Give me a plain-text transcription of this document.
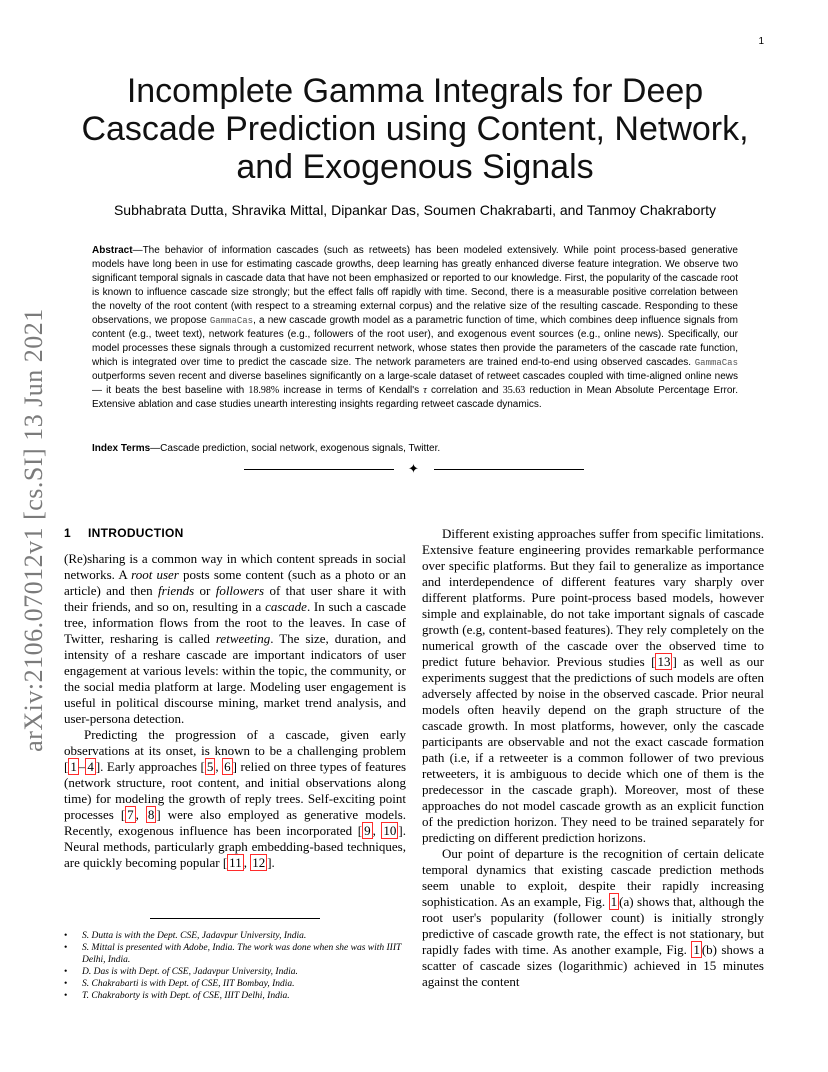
1
arXiv:2106.07012v1 [cs.SI] 13 Jun 2021
Incomplete Gamma Integrals for Deep Cascade Prediction using Content, Network, and Exogenous Signals
Subhabrata Dutta, Shravika Mittal, Dipankar Das, Soumen Chakrabarti, and Tanmoy Chakraborty
Abstract—The behavior of information cascades (such as retweets) has been modeled extensively. While point process-based generative models have long been in use for estimating cascade growths, deep learning has greatly enhanced diverse feature integration. We observe two significant temporal signals in cascade data that have not been emphasized or reported to our knowledge. First, the popularity of the cascade root is known to influence cascade size strongly; but the effect falls off rapidly with time. Second, there is a measurable positive correlation between the novelty of the root content (with respect to a streaming external corpus) and the relative size of the resulting cascade. Responding to these observations, we propose GammaCas, a new cascade growth model as a parametric function of time, which combines deep influence signals from content (e.g., tweet text), network features (e.g., followers of the root user), and exogenous event sources (e.g., online news). Specifically, our model processes these signals through a customized recurrent network, whose states then provide the parameters of the cascade rate function, which is integrated over time to predict the cascade size. The network parameters are trained end-to-end using observed cascades. GammaCas outperforms seven recent and diverse baselines significantly on a large-scale dataset of retweet cascades coupled with time-aligned online news — it beats the best baseline with 18.98% increase in terms of Kendall's τ correlation and 35.63 reduction in Mean Absolute Percentage Error. Extensive ablation and case studies unearth interesting insights regarding retweet cascade dynamics.
Index Terms—Cascade prediction, social network, exogenous signals, Twitter.
✦
1 INTRODUCTION

(Re)sharing is a common way in which content spreads in social networks. A root user posts some content (such as a photo or an article) and then friends or followers of that user share it with their friends, and so on, resulting in a cascade. In such a cascade tree, information flows from the root to the leaves. In case of Twitter, resharing is called retweeting. The size, duration, and intensity of a reshare cascade are important indicators of user engagement at various levels: within the topic, the community, or the social media platform at large. Modeling user engagement is useful in political discourse mining, market trend analysis, and user-persona detection.

Predicting the progression of a cascade, given early observations at its onset, is known to be a challenging problem [ 1 – 4 ]. Early approaches [ 5 , 6 ] relied on three types of features (network structure, root content, and initial observations along time) for modeling the growth of reply trees. Self-exciting point processes [ 7 , 8 ] were also employed as generative models. Recently, exogenous influence has been incorporated [ 9 , 10 ]. Neural methods, particularly graph embedding-based techniques, are quickly becoming popular [ 11 , 12 ].

• S. Dutta is with the Dept. CSE, Jadavpur University, India.
• S. Mittal is presented with Adobe, India. The work was done when she was with IIIT Delhi, India.
• D. Das is with Dept. of CSE, Jadavpur University, India.
• S. Chakrabarti is with Dept. of CSE, IIT Bombay, India.
• T. Chakraborty is with Dept. of CSE, IIIT Delhi, India.

Different existing approaches suffer from specific limitations. Extensive feature engineering provides remarkable performance over specific platforms. But they fail to generalize as importance and interdependence of different features vary sharply over different platforms. Pure point-process based models, however simple and explainable, do not take important signals of cascade growth (e.g, content-based features). They rely completely on the numerical growth of the cascade over the observed time to predict future behavior. Previous studies [ 13 ] as well as our experiments suggest that the predictions of such models are often adversely affected by noise in the observed cascade. Prior neural models often heavily depend on the graph structure of the cascade growth. In most platforms, however, only the cascade participants are observable and not the exact cascade formation path (i.e, if a retweeter is a common follower of two previous retweeters, it is ambiguous to decide which one of them is the predecessor in the cascade graph). Moreover, most of these approaches do not model cascade growth as an explicit function of the prediction horizon. They need to be trained separately for predicting on different prediction horizons.

Our point of departure is the recognition of certain delicate temporal dynamics that existing cascade prediction methods seem unable to exploit, despite their rapidly increasing sophistication. As an example, Fig. 1 (a) shows that, although the root user's popularity (follower count) is initially strongly predictive of cascade growth rate, the effect is not stationary, but rapidly fades with time. As another example, Fig. 1 (b) shows a scatter of cascade sizes (logarithmic) achieved in 15 minutes against the content
